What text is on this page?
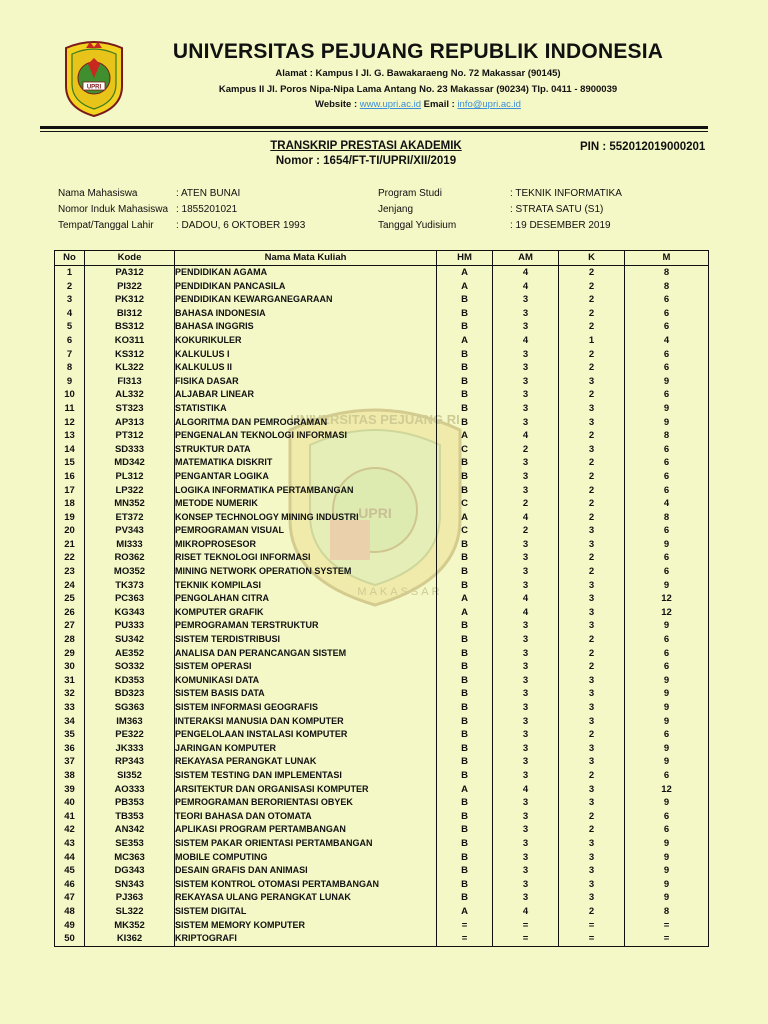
UPRI
UNIVERSITAS PEJUANG REPUBLIK INDONESIA
Alamat : Kampus I Jl. G. Bawakaraeng No. 72 Makassar (90145)
Kampus II Jl. Poros Nipa-Nipa Lama Antang No. 23 Makassar (90234) Tlp. 0411 - 8900039
Website : www.upri.ac.id Email : info@upri.ac.id
TRANSKRIP PRESTASI AKADEMIK
Nomor : 1654/FT-TI/UPRI/XII/2019
PIN : 552012019000201
Nama Mahasiswa	: ATEN BUNAI
Nomor Induk Mahasiswa : 1855201021
Tempat/Tanggal Lahir : DADOU, 6 OKTOBER 1993
Program Studi	: TEKNIK INFORMATIKA
Jenjang	: STRATA SATU (S1)
Tanggal Yudisium	: 19 DESEMBER 2019
UNIVERSITAS PEJUANG RI
UPRI
MAKASSAR
No	Kode	Nama Mata Kuliah	HM	AM	K	M
1	PA312	PENDIDIKAN AGAMA	A	4	2	8
2	PI322	PENDIDIKAN PANCASILA	A	4	2	8
3	PK312	PENDIDIKAN KEWARGANEGARAAN	B	3	2	6
4	BI312	BAHASA INDONESIA	B	3	2	6
5	BS312	BAHASA INGGRIS	B	3	2	6
6	KO311	KOKURIKULER	A	4	1	4
7	KS312	KALKULUS I	B	3	2	6
8	KL322	KALKULUS II	B	3	2	6
9	FI313	FISIKA DASAR	B	3	3	9
10	AL332	ALJABAR LINEAR	B	3	2	6
11	ST323	STATISTIKA	B	3	3	9
12	AP313	ALGORITMA DAN PEMROGRAMAN	B	3	3	9
13	PT312	PENGENALAN TEKNOLOGI INFORMASI	A	4	2	8
14	SD333	STRUKTUR DATA	C	2	3	6
15	MD342	MATEMATIKA DISKRIT	B	3	2	6
16	PL312	PENGANTAR LOGIKA	B	3	2	6
17	LP322	LOGIKA INFORMATIKA PERTAMBANGAN	B	3	2	6
18	MN352	METODE NUMERIK	C	2	2	4
19	ET372	KONSEP TECHNOLOGY MINING INDUSTRI	A	4	2	8
20	PV343	PEMROGRAMAN VISUAL	C	2	3	6
21	MI333	MIKROPROSESOR	B	3	3	9
22	RO362	RISET TEKNOLOGI INFORMASI	B	3	2	6
23	MO352	MINING NETWORK OPERATION SYSTEM	B	3	2	6
24	TK373	TEKNIK KOMPILASI	B	3	3	9
25	PC363	PENGOLAHAN CITRA	A	4	3	12
26	KG343	KOMPUTER GRAFIK	A	4	3	12
27	PU333	PEMROGRAMAN TERSTRUKTUR	B	3	3	9
28	SU342	SISTEM TERDISTRIBUSI	B	3	2	6
29	AE352	ANALISA DAN PERANCANGAN SISTEM	B	3	2	6
30	SO332	SISTEM OPERASI	B	3	2	6
31	KD353	KOMUNIKASI DATA	B	3	3	9
32	BD323	SISTEM BASIS DATA	B	3	3	9
33	SG363	SISTEM INFORMASI GEOGRAFIS	B	3	3	9
34	IM363	INTERAKSI MANUSIA DAN KOMPUTER	B	3	3	9
35	PE322	PENGELOLAAN INSTALASI KOMPUTER	B	3	2	6
36	JK333	JARINGAN KOMPUTER	B	3	3	9
37	RP343	REKAYASA PERANGKAT LUNAK	B	3	3	9
38	SI352	SISTEM TESTING DAN IMPLEMENTASI	B	3	2	6
39	AO333	ARSITEKTUR DAN ORGANISASI KOMPUTER	A	4	3	12
40	PB353	PEMROGRAMAN BERORIENTASI OBYEK	B	3	3	9
41	TB353	TEORI BAHASA DAN OTOMATA	B	3	2	6
42	AN342	APLIKASI PROGRAM PERTAMBANGAN	B	3	2	6
43	SE353	SISTEM PAKAR ORIENTASI PERTAMBANGAN	B	3	3	9
44	MC363	MOBILE COMPUTING	B	3	3	9
45	DG343	DESAIN GRAFIS DAN ANIMASI	B	3	3	9
46	SN343	SISTEM KONTROL OTOMASI PERTAMBANGAN	B	3	3	9
47	PJ363	REKAYASA ULANG PERANGKAT LUNAK	B	3	3	9
48	SL322	SISTEM DIGITAL	A	4	2	8
49	MK352	SISTEM MEMORY KOMPUTER	=	=	=	=
50	KI362	KRIPTOGRAFI	=	=	=	=
